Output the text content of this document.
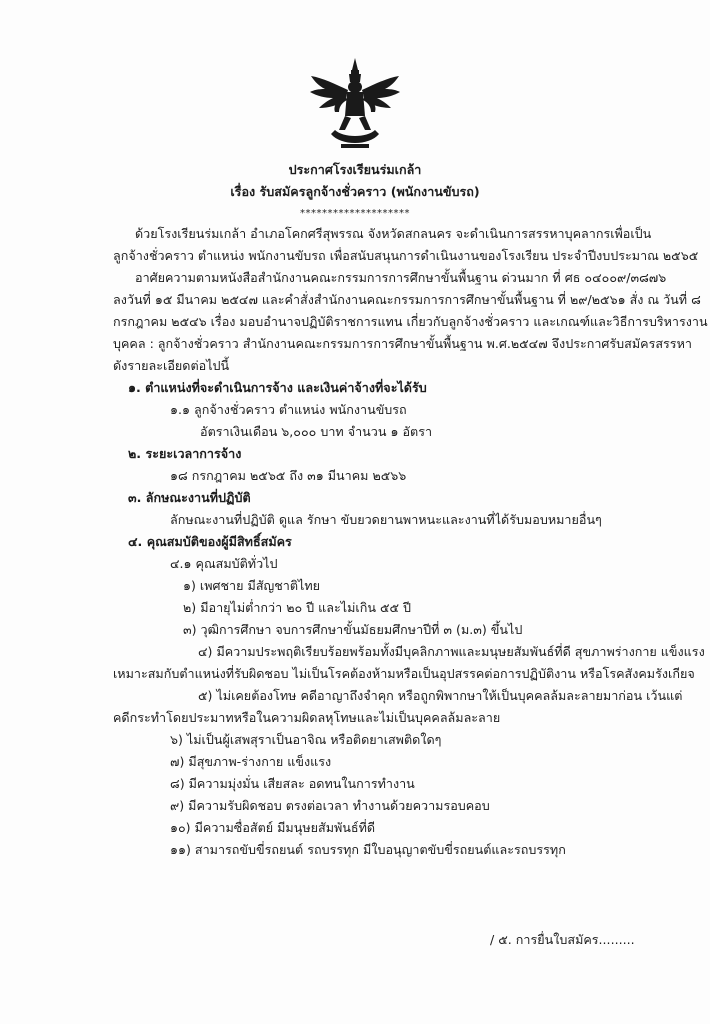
ประกาศโรงเรียนร่มเกล้า
เรื่อง รับสมัครลูกจ้างชั่วคราว (พนักงานขับรถ)
********************
ด้วยโรงเรียนร่มเกล้า อำเภอโคกศรีสุพรรณ จังหวัดสกลนคร จะดำเนินการสรรหาบุคลากรเพื่อเป็น
ลูกจ้างชั่วคราว ตำแหน่ง พนักงานขับรถ เพื่อสนับสนุนการดำเนินงานของโรงเรียน ประจำปีงบประมาณ ๒๕๖๕
อาศัยความตามหนังสือสำนักงานคณะกรรมการการศึกษาขั้นพื้นฐาน ด่วนมาก ที่ ศธ ๐๔๐๐๙/๓๘๗๖
ลงวันที่ ๑๕ มีนาคม ๒๕๔๗ และคำสั่งสำนักงานคณะกรรมการการศึกษาขั้นพื้นฐาน ที่ ๒๙/๒๕๖๑ สั่ง ณ วันที่ ๘
กรกฎาคม ๒๕๔๖ เรื่อง มอบอำนาจปฏิบัติราชการแทน เกี่ยวกับลูกจ้างชั่วคราว และเกณฑ์และวิธีการบริหารงาน
บุคคล : ลูกจ้างชั่วคราว สำนักงานคณะกรรมการการศึกษาขั้นพื้นฐาน พ.ศ.๒๕๔๗ จึงประกาศรับสมัครสรรหา
ดังรายละเอียดต่อไปนี้
๑. ตำแหน่งที่จะดำเนินการจ้าง และเงินค่าจ้างที่จะได้รับ
๑.๑ ลูกจ้างชั่วคราว ตำแหน่ง พนักงานขับรถ
อัตราเงินเดือน ๖,๐๐๐ บาท จำนวน ๑ อัตรา
๒. ระยะเวลาการจ้าง
๑๘ กรกฎาคม ๒๕๖๕ ถึง ๓๑ มีนาคม ๒๕๖๖
๓. ลักษณะงานที่ปฏิบัติ
ลักษณะงานที่ปฏิบัติ ดูแล รักษา ขับยวดยานพาหนะและงานที่ได้รับมอบหมายอื่นๆ
๔. คุณสมบัติของผู้มีสิทธิ์สมัคร
๔.๑ คุณสมบัติทั่วไป
๑) เพศชาย มีสัญชาติไทย
๒) มีอายุไม่ต่ำกว่า ๒๐ ปี และไม่เกิน ๕๕ ปี
๓) วุฒิการศึกษา จบการศึกษาขั้นมัธยมศึกษาปีที่ ๓ (ม.๓) ขึ้นไป
๔) มีความประพฤติเรียบร้อยพร้อมทั้งมีบุคลิกภาพและมนุษยสัมพันธ์ที่ดี สุขภาพร่างกาย แข็งแรง
เหมาะสมกับตำแหน่งที่รับผิดชอบ ไม่เป็นโรคต้องห้ามหรือเป็นอุปสรรคต่อการปฏิบัติงาน หรือโรคสังคมรังเกียจ
๕) ไม่เคยต้องโทษ คดีอาญาถึงจำคุก หรือถูกพิพากษาให้เป็นบุคคลล้มละลายมาก่อน เว้นแต่
คดีกระทำโดยประมาทหรือในความผิดลหุโทษและไม่เป็นบุคคลล้มละลาย
๖) ไม่เป็นผู้เสพสุราเป็นอาจิณ หรือติดยาเสพติดใดๆ
๗) มีสุขภาพ-ร่างกาย แข็งแรง
๘) มีความมุ่งมั่น เสียสละ อดทนในการทำงาน
๙) มีความรับผิดชอบ ตรงต่อเวลา ทำงานด้วยความรอบคอบ
๑๐) มีความซื่อสัตย์ มีมนุษยสัมพันธ์ที่ดี
๑๑) สามารถขับขี่รถยนต์ รถบรรทุก มีใบอนุญาตขับขี่รถยนต์และรถบรรทุก
/ ๕. การยื่นใบสมัคร.........
